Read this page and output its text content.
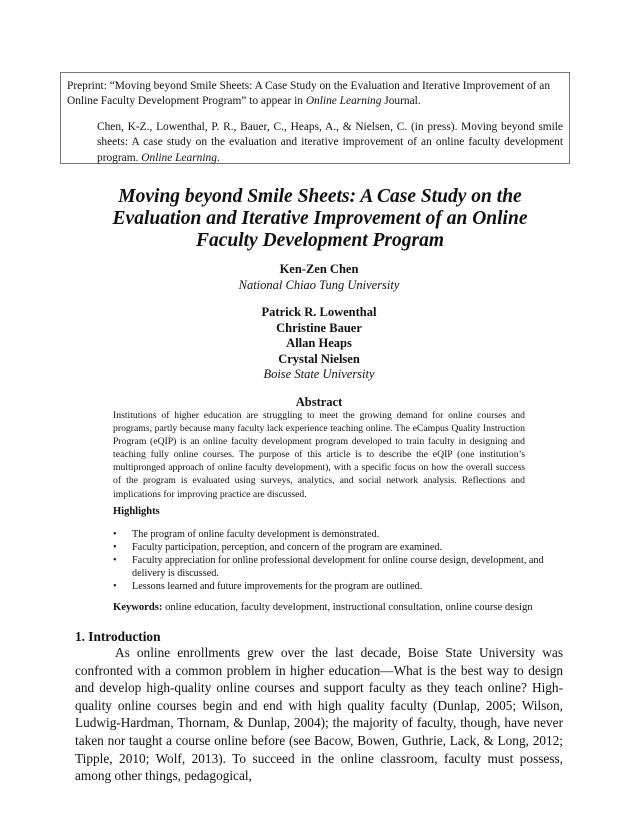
Preprint: “Moving beyond Smile Sheets: A Case Study on the Evaluation and Iterative Improvement of an Online Faculty Development Program” to appear in Online Learning Journal.

Chen, K-Z., Lowenthal, P. R., Bauer, C., Heaps, A., & Nielsen, C. (in press). Moving beyond smile sheets: A case study on the evaluation and iterative improvement of an online faculty development program. Online Learning.

Moving beyond Smile Sheets: A Case Study on the Evaluation and Iterative Improvement of an Online Faculty Development Program
Ken-Zen Chen
National Chiao Tung University
Patrick R. Lowenthal
Christine Bauer
Allan Heaps
Crystal Nielsen
Boise State University
Abstract
Institutions of higher education are struggling to meet the growing demand for online courses and programs, partly because many faculty lack experience teaching online. The eCampus Quality Instruction Program (eQIP) is an online faculty development program developed to train faculty in designing and teaching fully online courses. The purpose of this article is to describe the eQIP (one institution’s multipronged approach of online faculty development), with a specific focus on how the overall success of the program is evaluated using surveys, analytics, and social network analysis. Reflections and implications for improving practice are discussed.
Highlights
• The program of online faculty development is demonstrated.
• Faculty participation, perception, and concern of the program are examined.
• Faculty appreciation for online professional development for online course design, development, and delivery is discussed.
• Lessons learned and future improvements for the program are outlined.
Keywords: online education, faculty development, instructional consultation, online course design
1. Introduction

As online enrollments grew over the last decade, Boise State University was confronted with a common problem in higher education—What is the best way to design and develop high-quality online courses and support faculty as they teach online? High-quality online courses begin and end with high quality faculty (Dunlap, 2005; Wilson, Ludwig-Hardman, Thornam, & Dunlap, 2004); the majority of faculty, though, have never taken nor taught a course online before (see Bacow, Bowen, Guthrie, Lack, & Long, 2012; Tipple, 2010; Wolf, 2013). To succeed in the online classroom, faculty must possess, among other things, pedagogical,
